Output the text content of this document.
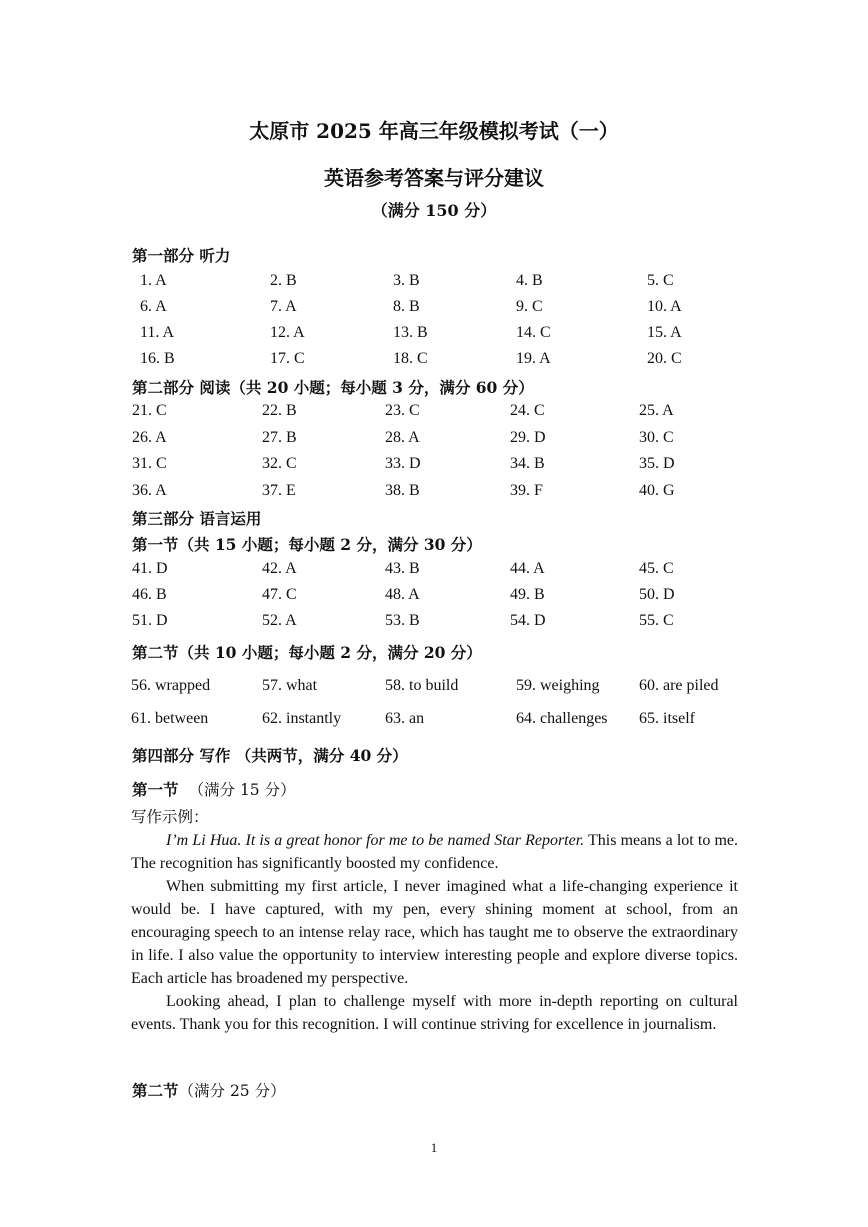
太原市 2025 年高三年级模拟考试（一）
英语参考答案与评分建议
（满分 150 分）
第一部分 听力
1. A	2. B	3. B	4. B	5. C
6. A	7. A	8. B	9. C	10. A
11. A	12. A	13. B	14. C	15. A
16. B	17. C	18. C	19. A	20. C
第二部分 阅读（共 20 小题；每小题 3 分，满分 60 分）
21. C	22. B	23. C	24. C	25. A
26. A	27. B	28. A	29. D	30. C
31. C	32. C	33. D	34. B	35. D
36. A	37. E	38. B	39. F	40. G
第三部分 语言运用
第一节（共 15 小题；每小题 2 分，满分 30 分）
41. D	42. A	43. B	44. A	45. C
46. B	47. C	48. A	49. B	50. D
51. D	52. A	53. B	54. D	55. C
第二节（共 10 小题；每小题 2 分，满分 20 分）
56. wrapped	57. what	58. to build	59. weighing 60. are piled
61. between	62. instantly	63. an	64. challenges 65. itself
第四部分 写作 （共两节，满分 40 分）
第一节 （满分 15 分）
写作示例：

I’m Li Hua. It is a great honor for me to be named Star Reporter. This means a lot to me. The recognition has significantly boosted my confidence.

When submitting my first article, I never imagined what a life-changing experience it would be. I have captured, with my pen, every shining moment at school, from an encouraging speech to an intense relay race, which has taught me to observe the extraordinary in life. I also value the opportunity to interview interesting people and explore diverse topics. Each article has broadened my perspective.

Looking ahead, I plan to challenge myself with more in-depth reporting on cultural events. Thank you for this recognition. I will continue striving for excellence in journalism.

第二节（满分 25 分）
1
